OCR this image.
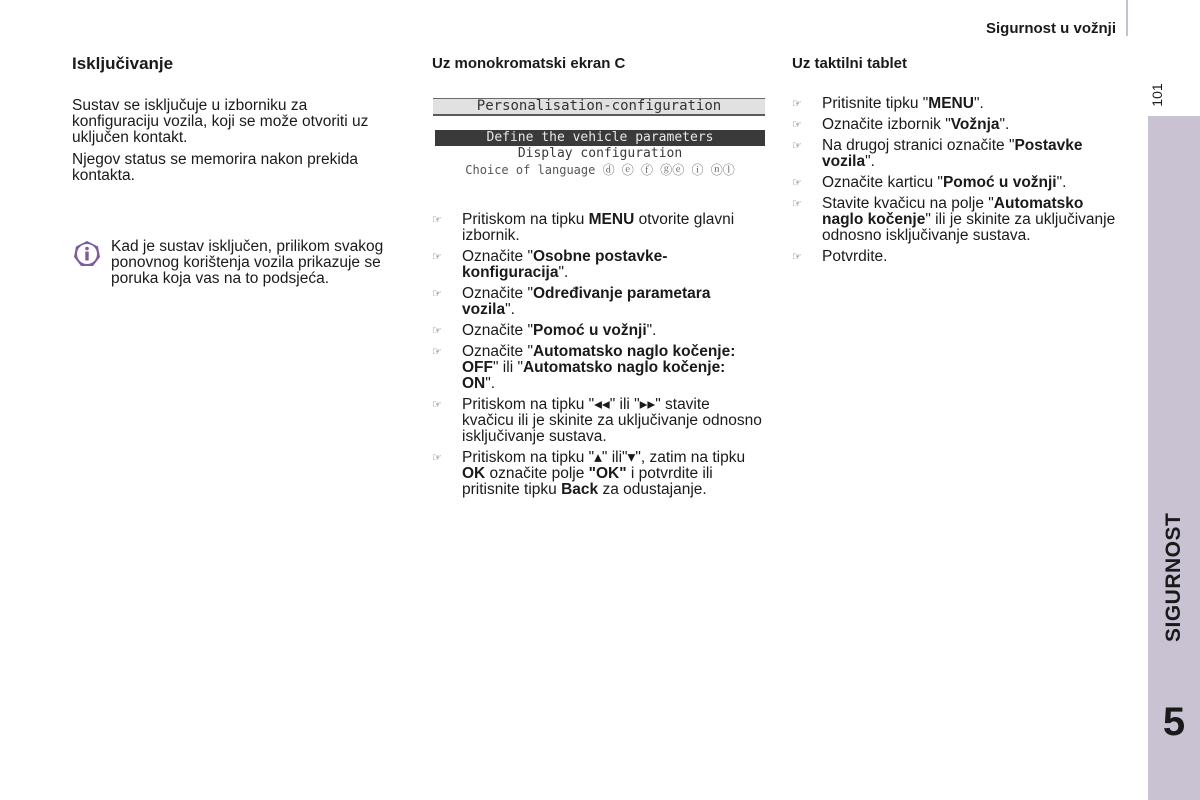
Sigurnost u vožnji
101
SIGURNOST
5
Isključivanje

Sustav se isključuje u izborniku za konfiguraciju vozila, koji se može otvoriti uz uključen kontakt.

Njegov status se memorira nakon prekida kontakta.

Kad je sustav isključen, prilikom svakog ponovnog korištenja vozila prikazuje se poruka koja vas na to podsjeća.
Uz monokromatski ekran C
Personalisation-configuration
Define the vehicle parameters
Display configuration
Choice of language ⓓ ⓔ ⓕ ⓖⓔ ⓘ ⓝⓛ
☞ Pritiskom na tipku MENU otvorite glavni izbornik.
☞ Označite "Osobne postavke-konfiguracija".
☞ Označite "Određivanje parametara vozila".
☞ Označite "Pomoć u vožnji".
☞ Označite "Automatsko naglo kočenje: OFF" ili "Automatsko naglo kočenje: ON".
☞ Pritiskom na tipku "◂◂" ili "▸▸" stavite kvačicu ili je skinite za uključivanje odnosno isključivanje sustava.
☞ Pritiskom na tipku "▴" ili"▾", zatim na tipku OK označite polje "OK" i potvrdite ili pritisnite tipku Back za odustajanje.
Uz taktilni tablet
☞ Pritisnite tipku "MENU".
☞ Označite izbornik "Vožnja".
☞ Na drugoj stranici označite "Postavke vozila".
☞ Označite karticu "Pomoć u vožnji".
☞ Stavite kvačicu na polje "Automatsko naglo kočenje" ili je skinite za uključivanje odnosno isključivanje sustava.
☞ Potvrdite.
